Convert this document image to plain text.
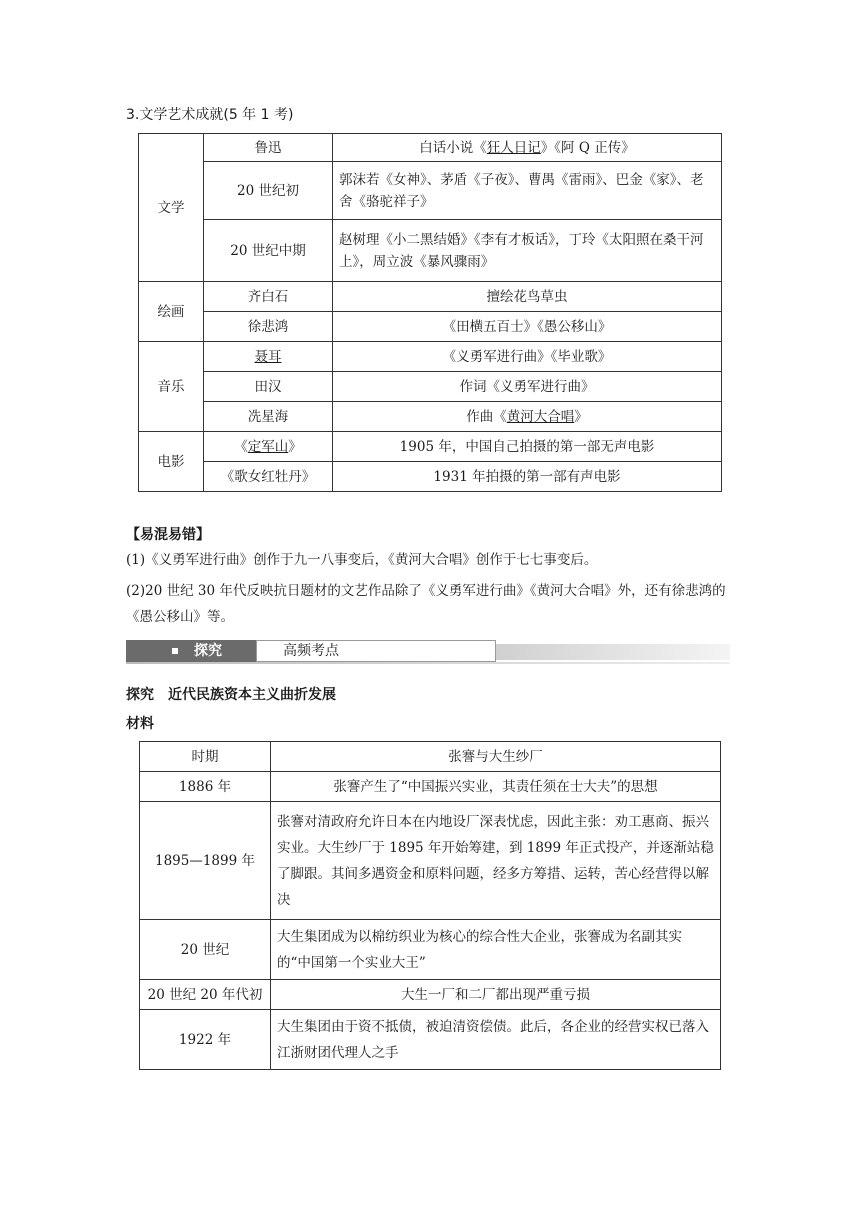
3.文学艺术成就(5 年 1 考)
文学	鲁迅	白话小说《狂人日记》《阿 Q 正传》
	20 世纪初	郭沫若《女神》、茅盾《子夜》、曹禺《雷雨》、巴金《家》、老舍《骆驼祥子》
	20 世纪中期	赵树理《小二黑结婚》《李有才板话》，丁玲《太阳照在桑干河上》，周立波《暴风骤雨》
绘画	齐白石	擅绘花鸟草虫
	徐悲鸿	《田横五百士》《愚公移山》
音乐	聂耳	《义勇军进行曲》《毕业歌》
	田汉	作词《义勇军进行曲》
	冼星海	作曲《黄河大合唱》
电影	《定军山》	1905 年，中国自己拍摄的第一部无声电影
	《歌女红牡丹》	1931 年拍摄的第一部有声电影
【易混易错】
(1)《义勇军进行曲》创作于九一八事变后，《黄河大合唱》创作于七七事变后。
(2)20 世纪 30 年代反映抗日题材的文艺作品除了《义勇军进行曲》《黄河大合唱》外，还有徐悲鸿的《愚公移山》等。
探究	高频考点
探究　近代民族资本主义曲折发展
材料
时期	张謇与大生纱厂
1886 年	张謇产生了“中国振兴实业，其责任须在士大夫”的思想
1895—1899 年	张謇对清政府允许日本在内地设厂深表忧虑，因此主张：劝工惠商、振兴实业。大生纱厂于 1895 年开始筹建，到 1899 年正式投产，并逐渐站稳了脚跟。其间多遇资金和原料问题，经多方筹措、运转，苦心经营得以解决
20 世纪	大生集团成为以棉纺织业为核心的综合性大企业，张謇成为名副其实的“中国第一个实业大王”
20 世纪 20 年代初	大生一厂和二厂都出现严重亏损
1922 年	大生集团由于资不抵债，被迫清资偿债。此后，各企业的经营实权已落入江浙财团代理人之手
